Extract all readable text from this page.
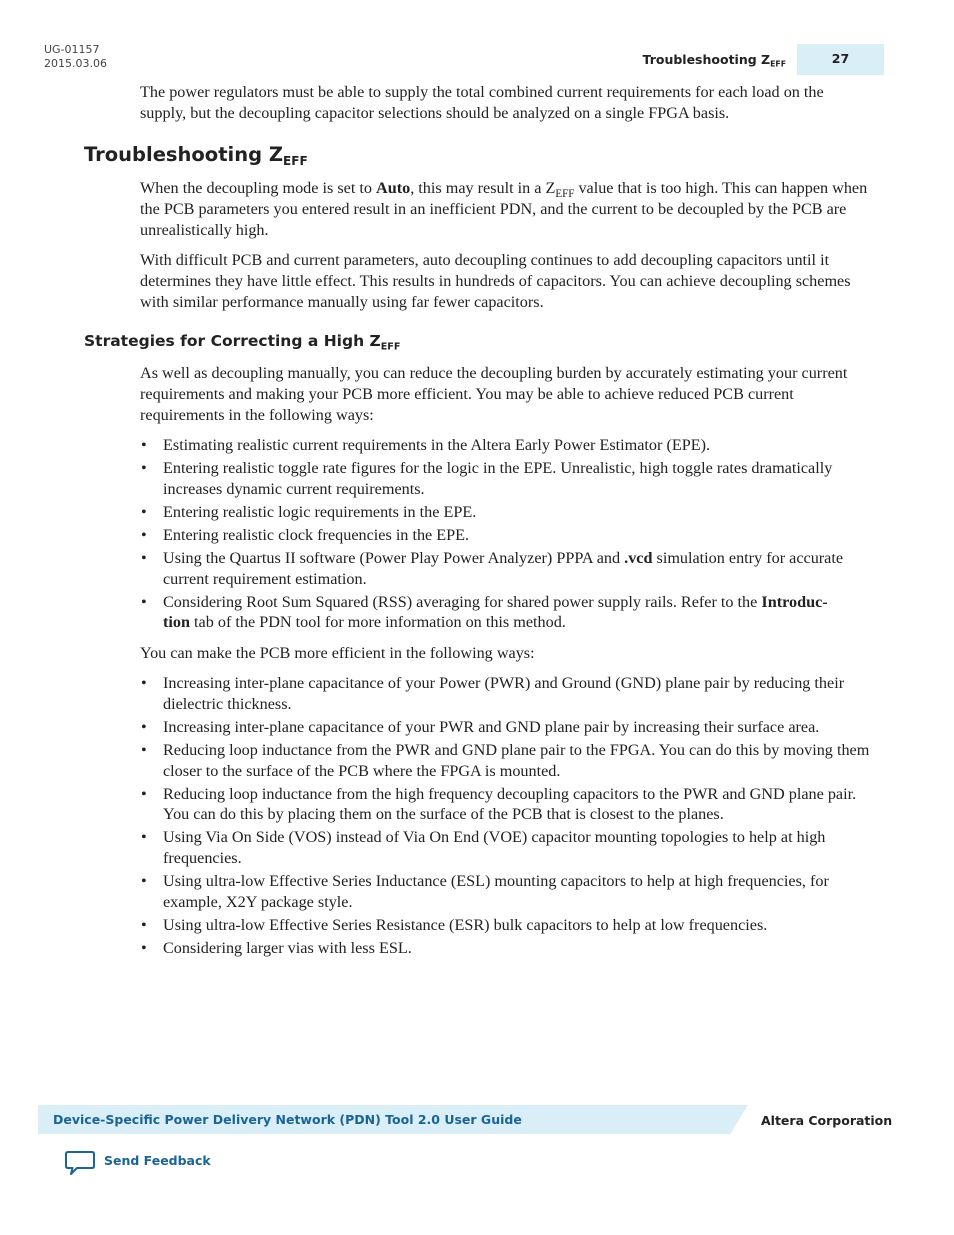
UG-01157
2015.03.06	Troubleshooting $Z_{EFF}$	27

The power regulators must be able to supply the total combined current requirements for each load on the supply, but the decoupling capacitor selections should be analyzed on a single FPGA basis.

Troubleshooting $Z_{EFF}$

When the decoupling mode is set to Auto, this may result in a $Z_{EFF}$ value that is too high. This can happen when the PCB parameters you entered result in an inefficient PDN, and the current to be decoupled by the PCB are unrealistically high.

With difficult PCB and current parameters, auto decoupling continues to add decoupling capacitors until it determines they have little effect. This results in hundreds of capacitors. You can achieve decoupling schemes with similar performance manually using far fewer capacitors.

Strategies for Correcting a High $Z_{EFF}$

As well as decoupling manually, you can reduce the decoupling burden by accurately estimating your current requirements and making your PCB more efficient. You may be able to achieve reduced PCB current requirements in the following ways:

• Estimating realistic current requirements in the Altera Early Power Estimator (EPE).
• Entering realistic toggle rate figures for the logic in the EPE. Unrealistic, high toggle rates dramatically increases dynamic current requirements.
• Entering realistic logic requirements in the EPE.
• Entering realistic clock frequencies in the EPE.
• Using the Quartus II software (Power Play Power Analyzer) PPPA and .vcd simulation entry for accurate current requirement estimation.
• Considering Root Sum Squared (RSS) averaging for shared power supply rails. Refer to the Introduc-
tion tab of the PDN tool for more information on this method.

You can make the PCB more efficient in the following ways:

• Increasing inter-plane capacitance of your Power (PWR) and Ground (GND) plane pair by reducing their dielectric thickness.
• Increasing inter-plane capacitance of your PWR and GND plane pair by increasing their surface area.
• Reducing loop inductance from the PWR and GND plane pair to the FPGA. You can do this by moving them closer to the surface of the PCB where the FPGA is mounted.
• Reducing loop inductance from the high frequency decoupling capacitors to the PWR and GND plane pair. You can do this by placing them on the surface of the PCB that is closest to the planes.
• Using Via On Side (VOS) instead of Via On End (VOE) capacitor mounting topologies to help at high frequencies.
• Using ultra-low Effective Series Inductance (ESL) mounting capacitors to help at high frequencies, for example, X2Y package style.
• Using ultra-low Effective Series Resistance (ESR) bulk capacitors to help at low frequencies.
• Considering larger vias with less ESL.
Device-Specific Power Delivery Network (PDN) Tool 2.0 User Guide	Altera Corporation
Send Feedback
